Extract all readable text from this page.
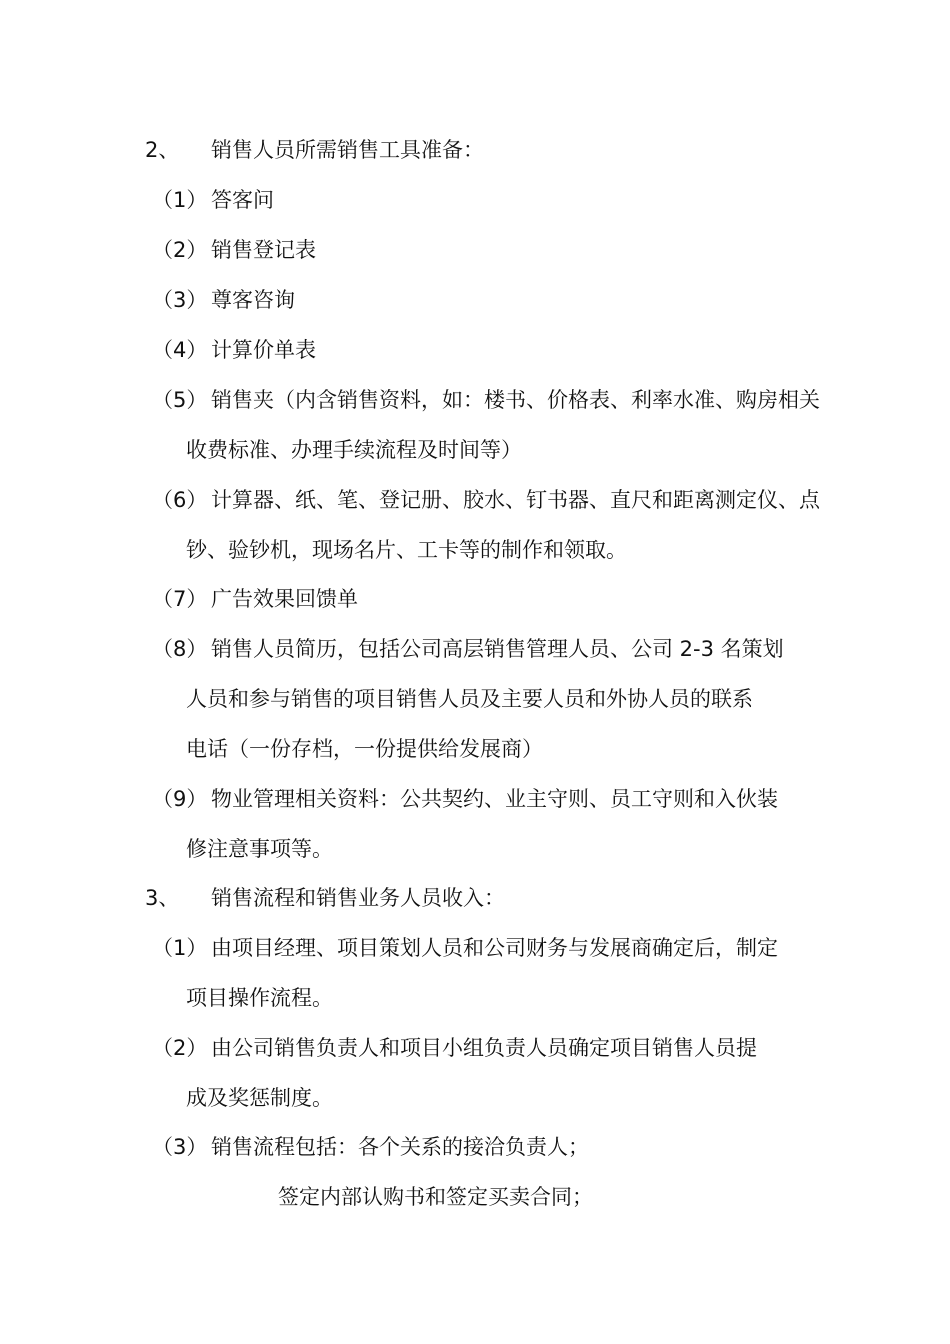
2、 销售人员所需销售工具准备：
（1） 答客问
（2） 销售登记表
（3） 尊客咨询
（4） 计算价单表
（5） 销售夹（内含销售资料，如：楼书、价格表、利率水准、购房相关
收费标准、办理手续流程及时间等）
（6） 计算器、纸、笔、登记册、胶水、钉书器、直尺和距离测定仪、点
钞、验钞机，现场名片、工卡等的制作和领取。
（7） 广告效果回馈单
（8） 销售人员简历，包括公司高层销售管理人员、公司 2-3 名策划
人员和参与销售的项目销售人员及主要人员和外协人员的联系
电话（一份存档，一份提供给发展商）
（9） 物业管理相关资料：公共契约、业主守则、员工守则和入伙装
修注意事项等。
3、 销售流程和销售业务人员收入：
（1） 由项目经理、项目策划人员和公司财务与发展商确定后，制定
项目操作流程。
（2） 由公司销售负责人和项目小组负责人员确定项目销售人员提
成及奖惩制度。
（3） 销售流程包括：各个关系的接洽负责人；
签定内部认购书和签定买卖合同；
